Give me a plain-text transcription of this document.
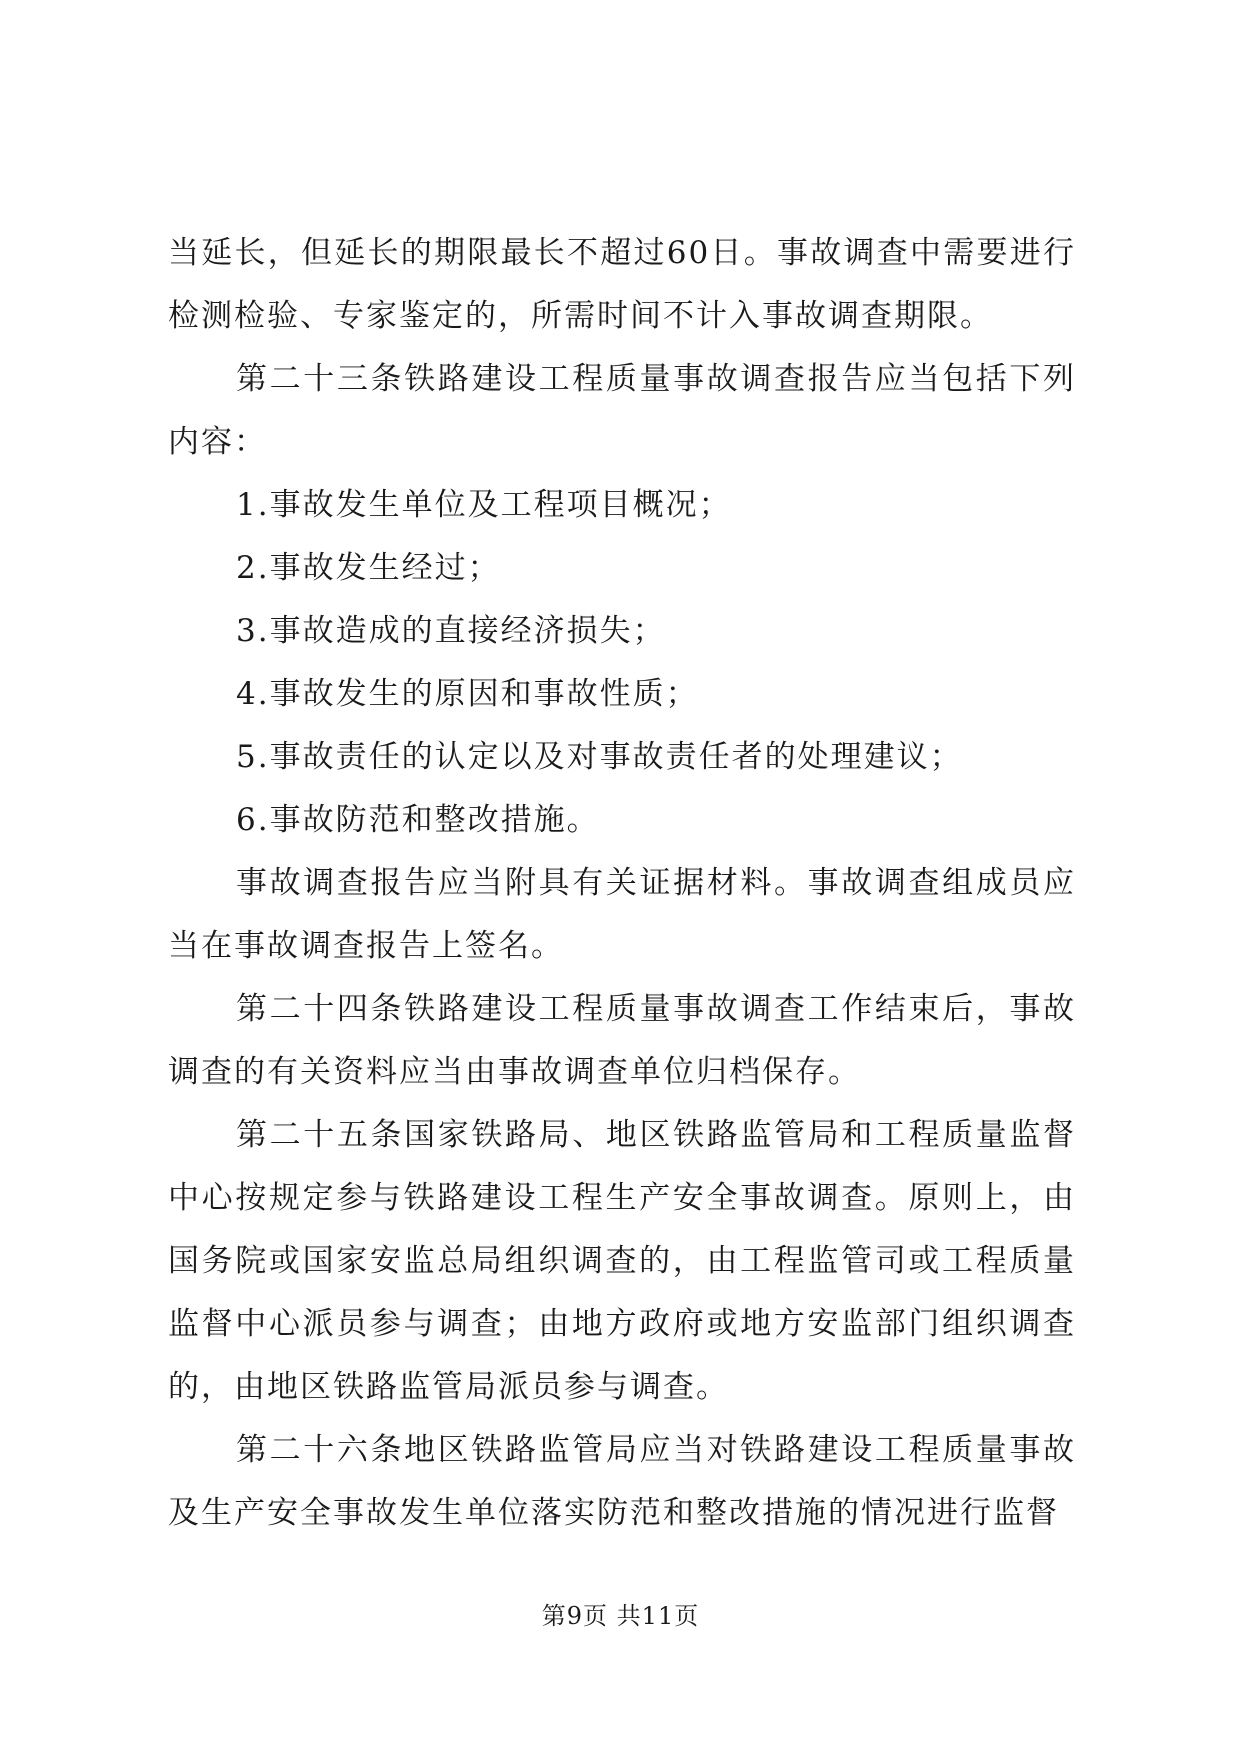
当延长，但延长的期限最长不超过60日。事故调查中需要进行检测检验、专家鉴定的，所需时间不计入事故调查期限。

第二十三条铁路建设工程质量事故调查报告应当包括下列内容：

1.事故发生单位及工程项目概况；

2.事故发生经过；

3.事故造成的直接经济损失；

4.事故发生的原因和事故性质；

5.事故责任的认定以及对事故责任者的处理建议；

6.事故防范和整改措施。

事故调查报告应当附具有关证据材料。事故调查组成员应当在事故调查报告上签名。

第二十四条铁路建设工程质量事故调查工作结束后，事故调查的有关资料应当由事故调查单位归档保存。

第二十五条国家铁路局、地区铁路监管局和工程质量监督中心按规定参与铁路建设工程生产安全事故调查。原则上，由国务院或国家安监总局组织调查的，由工程监管司或工程质量监督中心派员参与调查；由地方政府或地方安监部门组织调查的，由地区铁路监管局派员参与调查。

第二十六条地区铁路监管局应当对铁路建设工程质量事故及生产安全事故发生单位落实防范和整改措施的情况进行监督

第9页 共11页
